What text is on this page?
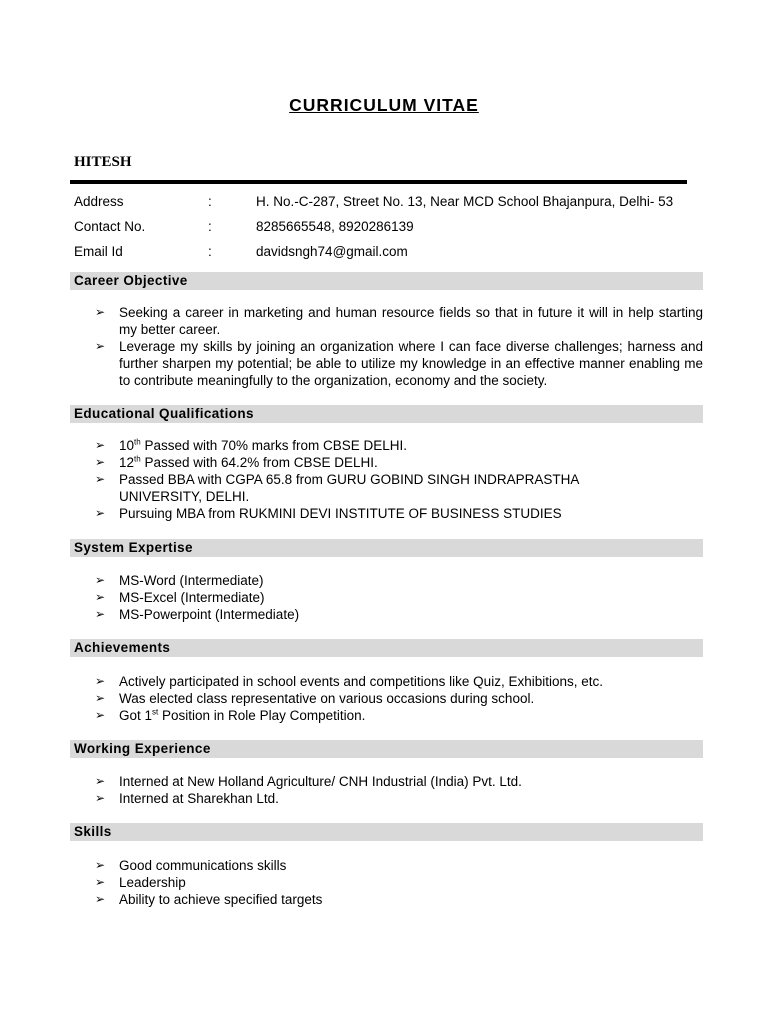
CURRICULUM VITAE
HITESH
Address	:	H. No.-C-287, Street No. 13, Near MCD School Bhajanpura, Delhi- 53
Contact No.	:	8285665548, 8920286139
Email Id	:	davidsngh74@gmail.com
Career Objective
➢ Seeking a career in marketing and human resource fields so that in future it will in help starting my better career.
➢ Leverage my skills by joining an organization where I can face diverse challenges; harness and further sharpen my potential; be able to utilize my knowledge in an effective manner enabling me to contribute meaningfully to the organization, economy and the society.
Educational Qualifications
➢ 10th Passed with 70% marks from CBSE DELHI.
➢ 12th Passed with 64.2% from CBSE DELHI.
➢ Passed BBA with CGPA 65.8 from GURU GOBIND SINGH INDRAPRASTHA UNIVERSITY, DELHI.
➢ Pursuing MBA from RUKMINI DEVI INSTITUTE OF BUSINESS STUDIES
System Expertise
➢ MS-Word (Intermediate)
➢ MS-Excel (Intermediate)
➢ MS-Powerpoint (Intermediate)
Achievements
➢ Actively participated in school events and competitions like Quiz, Exhibitions, etc.
➢ Was elected class representative on various occasions during school.
➢ Got 1st Position in Role Play Competition.
Working Experience
➢ Interned at New Holland Agriculture/ CNH Industrial (India) Pvt. Ltd.
➢ Interned at Sharekhan Ltd.
Skills
➢ Good communications skills
➢ Leadership
➢ Ability to achieve specified targets
